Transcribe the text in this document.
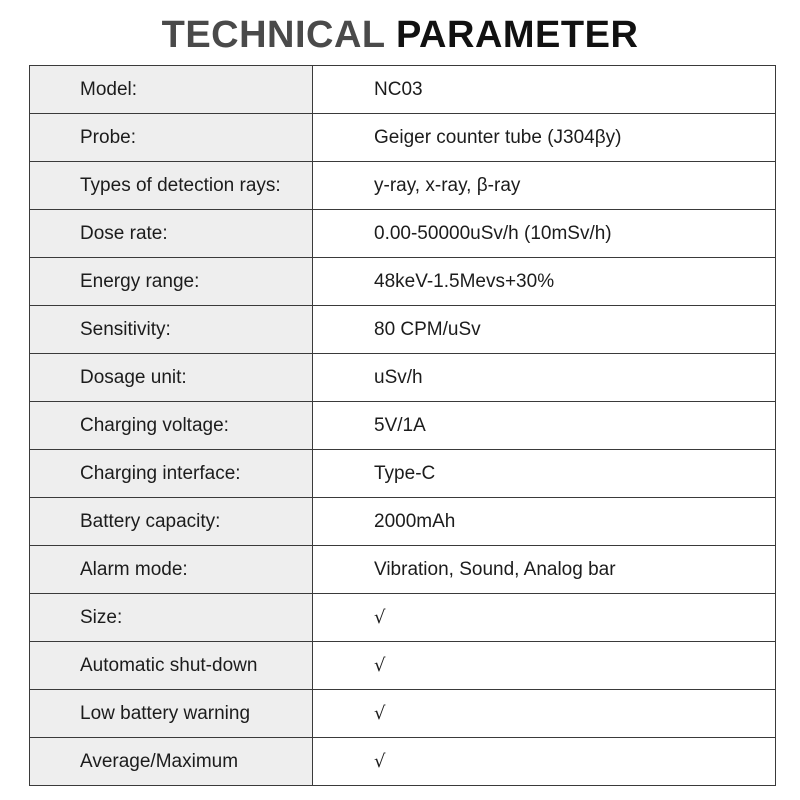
TECHNICAL PARAMETER
Model:	NC03
Probe:	Geiger counter tube (J304βy)
Types of detection rays:	y-ray, x-ray, β-ray
Dose rate:	0.00-50000uSv/h (10mSv/h)
Energy range:	48keV-1.5Mevs+30%
Sensitivity:	80 CPM/uSv
Dosage unit:	uSv/h
Charging voltage:	5V/1A
Charging interface:	Type-C
Battery capacity:	2000mAh
Alarm mode:	Vibration, Sound, Analog bar
Size:	√
Automatic shut-down	√
Low battery warning	√
Average/Maximum	√
